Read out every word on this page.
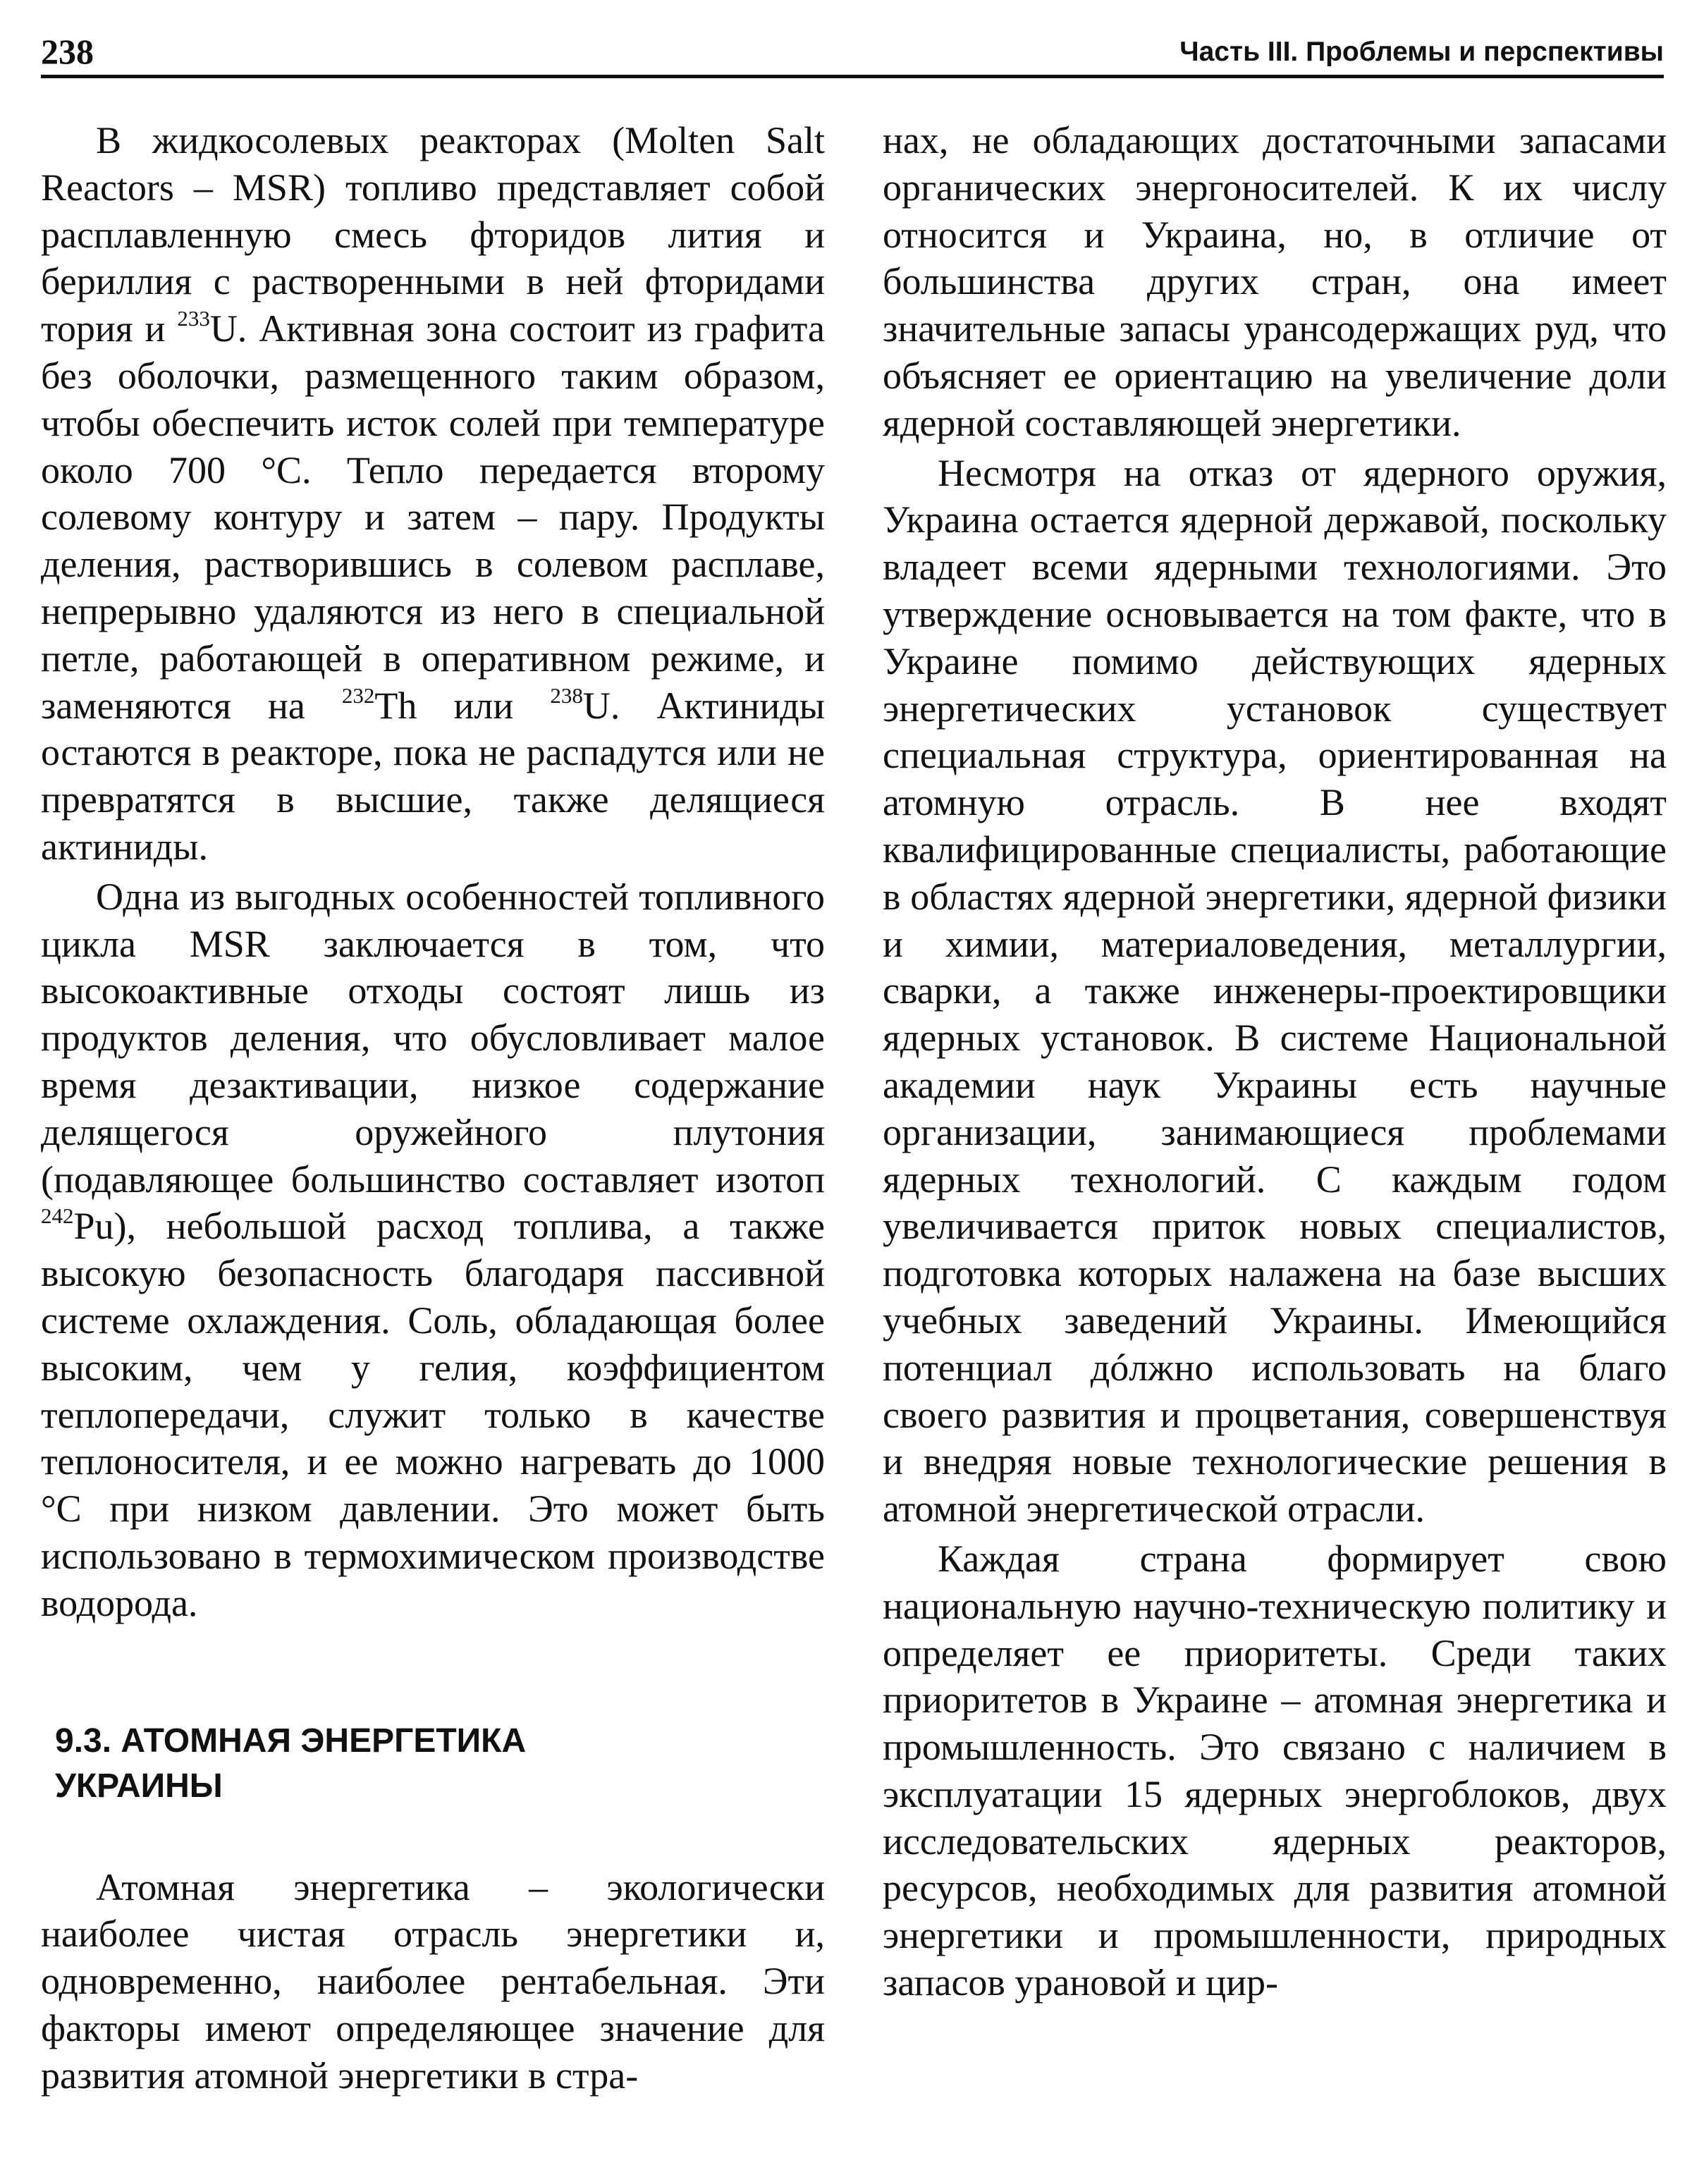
238	Часть III. Проблемы и перспективы

В жидкосолевых реакторах (Molten Salt Reactors – MSR) топливо представляет собой расплавленную смесь фторидов лития и бериллия с растворенными в ней фторидами тория и $^{233}$U. Активная зона состоит из графита без оболочки, размещенного таким образом, чтобы обеспечить исток солей при температуре около 700 °С. Тепло передается второму солевому контуру и затем – пару. Продукты деления, растворившись в солевом расплаве, непрерывно удаляются из него в специальной петле, работающей в оперативном режиме, и заменяются на $^{232}$Th или $^{238}$U. Актиниды остаются в реакторе, пока не распадутся или не превратятся в высшие, также делящиеся актиниды.

Одна из выгодных особенностей топливного цикла MSR заключается в том, что высокоактивные отходы состоят лишь из продуктов деления, что обусловливает малое время дезактивации, низкое содержание делящегося оружейного плутония (подавляющее большинство составляет изотоп $^{242}$Pu), небольшой расход топлива, а также высокую безопасность благодаря пассивной системе охлаждения. Соль, обладающая более высоким, чем у гелия, коэффициентом теплопередачи, служит только в качестве теплоносителя, и ее можно нагревать до 1000 °С при низком давлении. Это может быть использовано в термохимическом производстве водорода.

9.3. АТОМНАЯ ЭНЕРГЕТИКА
УКРАИНЫ

Атомная энергетика – экологически наиболее чистая отрасль энергетики и, одновременно, наиболее рентабельная. Эти факторы имеют определяющее значение для развития атомной энергетики в стра-

нах, не обладающих достаточными запасами органических энергоносителей. К их числу относится и Украина, но, в отличие от большинства других стран, она имеет значительные запасы урансодержащих руд, что объясняет ее ориентацию на увеличение доли ядерной составляющей энергетики.

Несмотря на отказ от ядерного оружия, Украина остается ядерной державой, поскольку владеет всеми ядерными технологиями. Это утверждение основывается на том факте, что в Украине помимо действующих ядерных энергетических установок существует специальная структура, ориентированная на атомную отрасль. В нее входят квалифицированные специалисты, работающие в областях ядерной энергетики, ядерной физики и химии, материаловедения, металлургии, сварки, а также инженеры-проектировщики ядерных установок. В системе Национальной академии наук Украины есть научные организации, занимающиеся проблемами ядерных технологий. С каждым годом увеличивается приток новых специалистов, подготовка которых налажена на базе высших учебных заведений Украины. Имеющийся потенциал дóлжно использовать на благо своего развития и процветания, совершенствуя и внедряя новые технологические решения в атомной энергетической отрасли.

Каждая страна формирует свою национальную научно-техническую политику и определяет ее приоритеты. Среди таких приоритетов в Украине – атомная энергетика и промышленность. Это связано с наличием в эксплуатации 15 ядерных энергоблоков, двух исследовательских ядерных реакторов, ресурсов, необходимых для развития атомной энергетики и промышленности, природных запасов урановой и цир-
